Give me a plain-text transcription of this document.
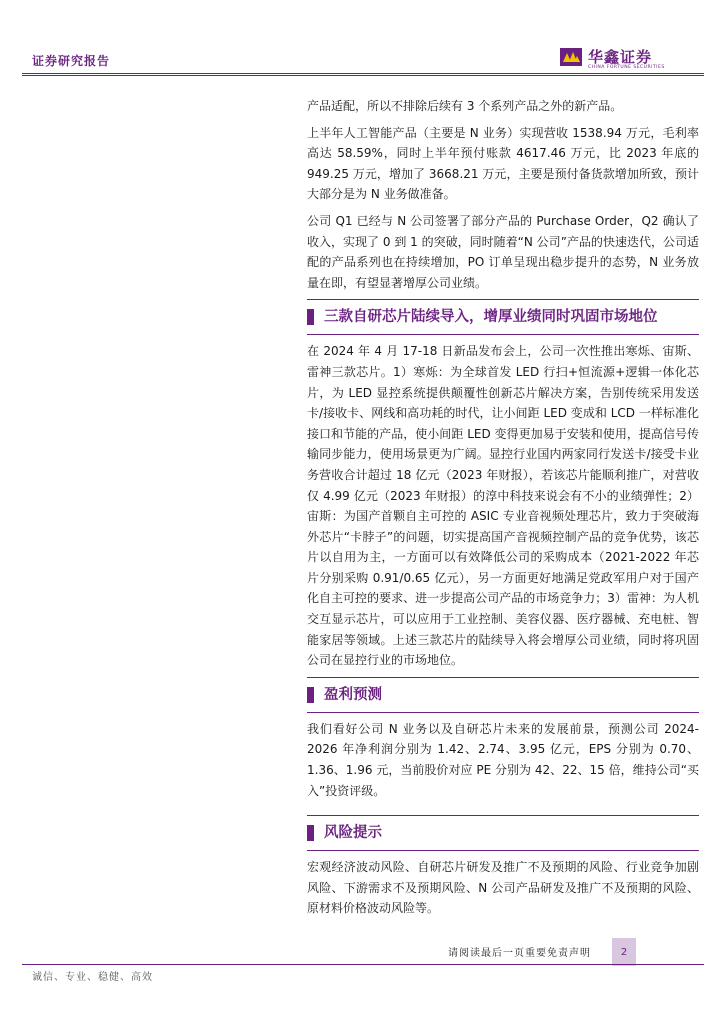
证券研究报告	华鑫证券
CHINA FORTUNE SECURITIES

产品适配，所以不排除后续有 3 个系列产品之外的新产品。

上半年人工智能产品（主要是 N 业务）实现营收 1538.94 万元，毛利率高达 58.59%，同时上半年预付账款 4617.46 万元，比 2023 年底的 949.25 万元，增加了 3668.21 万元，主要是预付备货款增加所致，预计大部分是为 N 业务做准备。

公司 Q1 已经与 N 公司签署了部分产品的 Purchase Order，Q2 确认了收入，实现了 0 到 1 的突破，同时随着“N 公司”产品的快速迭代，公司适配的产品系列也在持续增加，PO 订单呈现出稳步提升的态势，N 业务放量在即，有望显著增厚公司业绩。

三款自研芯片陆续导入，增厚业绩同时巩固市场地位

在 2024 年 4 月 17-18 日新品发布会上，公司一次性推出寒烁、宙斯、雷神三款芯片。1）寒烁：为全球首发 LED 行扫+恒流源+逻辑一体化芯片，为 LED 显控系统提供颠覆性创新芯片解决方案，告别传统采用发送卡/接收卡、网线和高功耗的时代，让小间距 LED 变成和 LCD 一样标准化接口和节能的产品，使小间距 LED 变得更加易于安装和使用，提高信号传输同步能力，使用场景更为广阔。显控行业国内两家同行发送卡/接受卡业务营收合计超过 18 亿元（2023 年财报），若该芯片能顺利推广，对营收仅 4.99 亿元（2023 年财报）的淳中科技来说会有不小的业绩弹性；2）宙斯：为国产首颗自主可控的 ASIC 专业音视频处理芯片，致力于突破海外芯片“卡脖子”的问题，切实提高国产音视频控制产品的竞争优势，该芯片以自用为主，一方面可以有效降低公司的采购成本（2021-2022 年芯片分别采购 0.91/0.65 亿元），另一方面更好地满足党政军用户对于国产化自主可控的要求、进一步提高公司产品的市场竞争力；3）雷神：为人机交互显示芯片，可以应用于工业控制、美容仪器、医疗器械、充电桩、智能家居等领域。上述三款芯片的陆续导入将会增厚公司业绩，同时将巩固公司在显控行业的市场地位。

盈利预测

我们看好公司 N 业务以及自研芯片未来的发展前景，预测公司 2024-2026 年净利润分别为 1.42、2.74、3.95 亿元，EPS 分别为 0.70、1.36、1.96 元，当前股价对应 PE 分别为 42、22、15 倍，维持公司“买入”投资评级。

风险提示

宏观经济波动风险、自研芯片研发及推广不及预期的风险、行业竞争加剧风险、下游需求不及预期风险、N 公司产品研发及推广不及预期的风险、原材料价格波动风险等。

请阅读最后一页重要免责声明	2
诚信、专业、稳健、高效
